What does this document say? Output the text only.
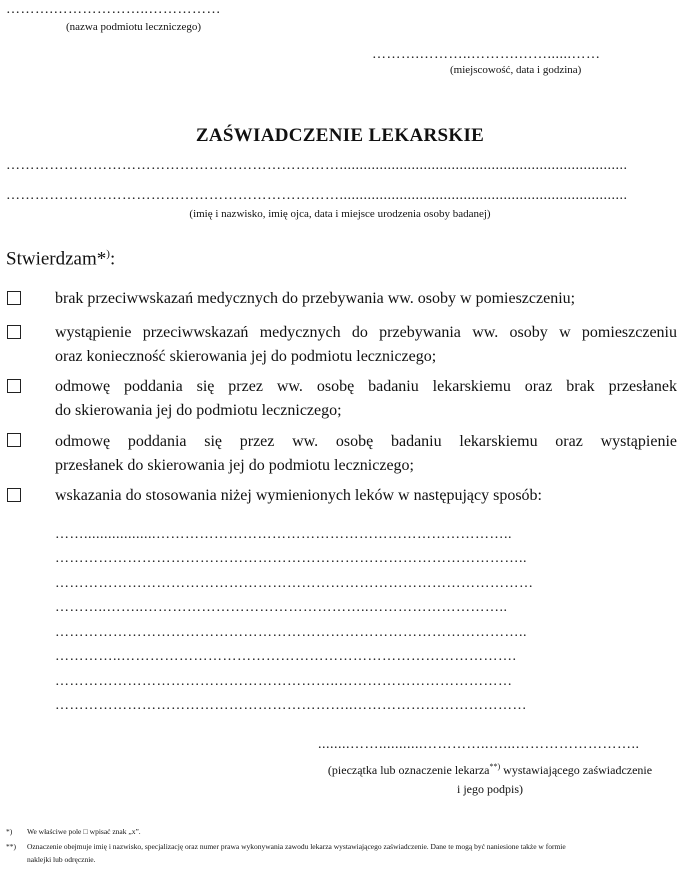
……….………………..……………
(nazwa podmiotu leczniczego)
……….………..……….……......……
(miejscowość, data i godzina)
ZAŚWIADCZENIE LEKARSKIE
……………………………………………………………........................................................................
……………………………………………………………........................................................................
(imię i nazwisko, imię ojca, data i miejsce urodzenia osoby badanej)
Stwierdzam*):
brak przeciwwskazań medycznych do przebywania ww. osoby w pomieszczeniu;
wystąpienie przeciwwskazań medycznych do przebywania ww. osoby w pomieszczeniu
oraz konieczność skierowania jej do podmiotu leczniczego;
odmowę poddania się przez ww. osobę badaniu lekarskiemu oraz brak przesłanek
do skierowania jej do podmiotu leczniczego;
odmowę poddania się przez ww. osobę badaniu lekarskiemu oraz wystąpienie
przesłanek do skierowania jej do podmiotu leczniczego;
wskazania do stosowania niżej wymienionych leków w następujący sposób:
……..................………………………………………………………………..
……………………………………………………………………………………..
………………………………………………………………………………………
………..……..………………………………………..………………………..
……………………………………………………………………………………..
…………..……………………………………………………………………….
…………………………………………………..………………………………
……………………………………………………..………………………………
........……...........…………..…...……………………..
(pieczątka lub oznaczenie lekarza**) wystawiającego zaświadczenie
i jego podpis)
*) We właściwe pole □ wpisać znak „x”.
**) Oznaczenie obejmuje imię i nazwisko, specjalizację oraz numer prawa wykonywania zawodu lekarza wystawiającego zaświadczenie. Dane te mogą być naniesione także w formie
naklejki lub odręcznie.
